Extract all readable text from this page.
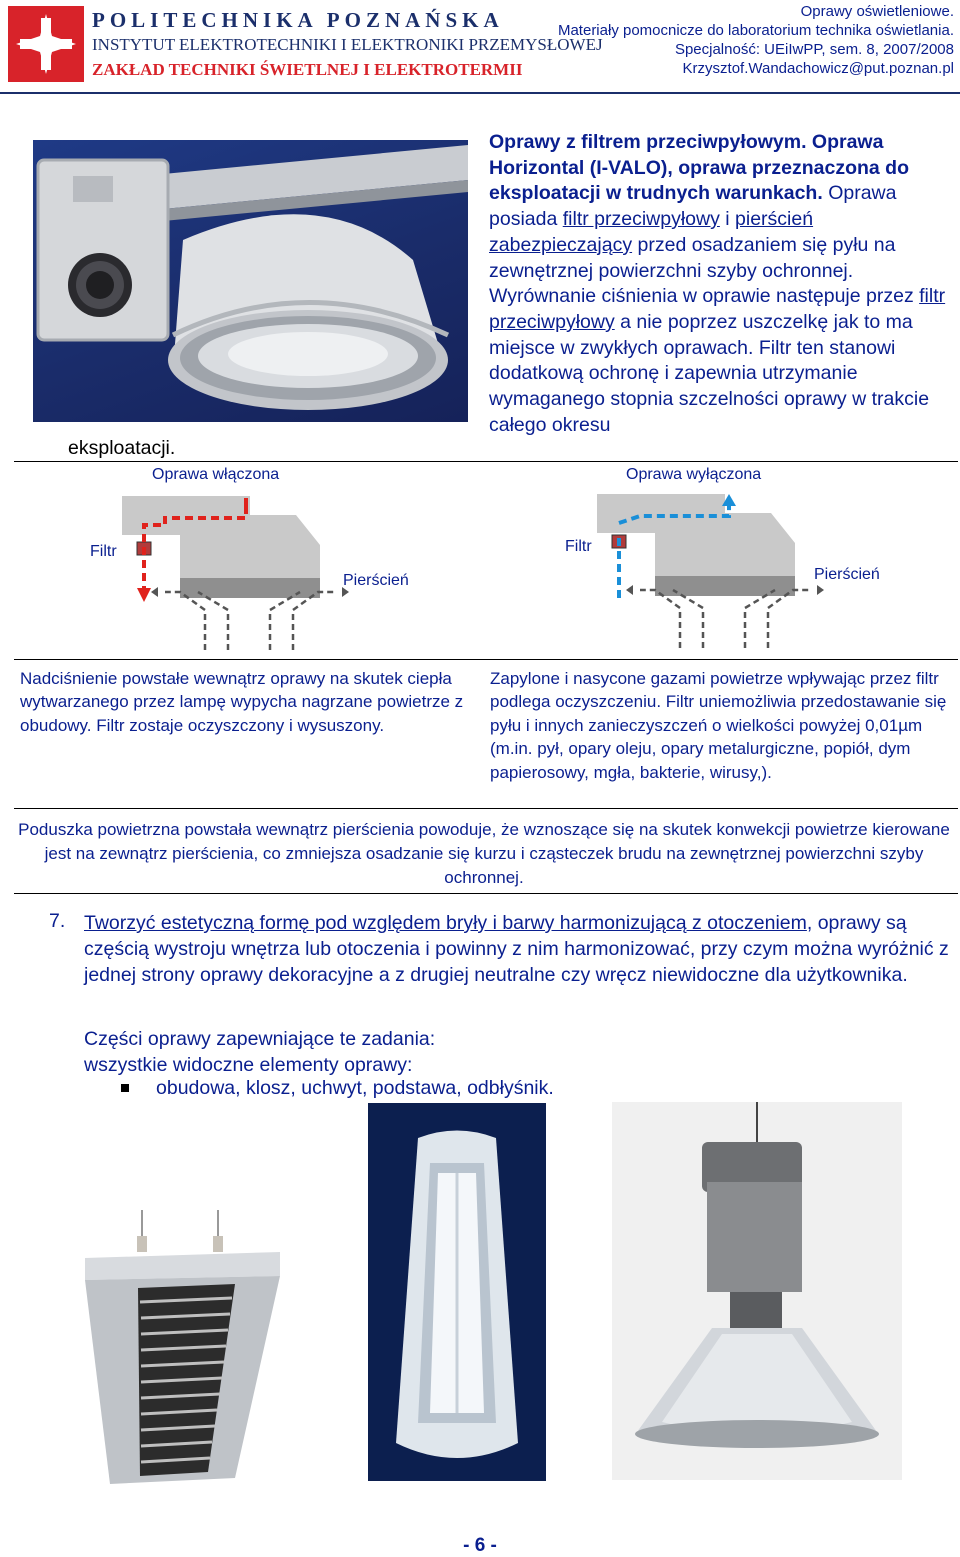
POLITECHNIKA POZNAŃSKA
INSTYTUT ELEKTROTECHNIKI I ELEKTRONIKI PRZEMYSŁOWEJ
ZAKŁAD TECHNIKI ŚWIETLNEJ I ELEKTROTERMII
Oprawy oświetleniowe.
Materiały pomocnicze do laboratorium technika oświetlania.
Specjalność: UEiIwPP, sem. 8, 2007/2008
Krzysztof.Wandachowicz@put.poznan.pl
Oprawy z filtrem przeciwpyłowym. Oprawa Horizontal (I-VALO), oprawa przeznaczona do eksploatacji w trudnych warunkach. Oprawa posiada filtr przeciwpyłowy i pierścień zabezpieczający przed osadzaniem się pyłu na zewnętrznej powierzchni szyby ochronnej. Wyrównanie ciśnienia w oprawie następuje przez filtr przeciwpyłowy a nie poprzez uszczelkę jak to ma miejsce w zwykłych oprawach. Filtr ten stanowi dodatkową ochronę i zapewnia utrzymanie wymaganego stopnia szczelności oprawy w trakcie całego okresu
eksploatacji.
Oprawa włączona	Oprawa wyłączona
Filtr
Pierścień
Filtr
Pierścień
Nadciśnienie powstałe wewnątrz oprawy na skutek ciepła wytwarzanego przez lampę wypycha nagrzane powietrze z obudowy. Filtr zostaje oczyszczony i wysuszony.
Zapylone i nasycone gazami powietrze wpływając przez filtr podlega oczyszczeniu. Filtr uniemożliwia przedostawanie się pyłu i innych zanieczyszczeń o wielkości powyżej 0,01µm (m.in. pył, opary oleju, opary metalurgiczne, popiół, dym papierosowy, mgła, bakterie, wirusy,).
Poduszka powietrzna powstała wewnątrz pierścienia powoduje, że wznoszące się na skutek konwekcji powietrze kierowane jest na zewnątrz pierścienia, co zmniejsza osadzanie się kurzu i cząsteczek brudu na zewnętrznej powierzchni szyby ochronnej.
7. Tworzyć estetyczną formę pod względem bryły i barwy harmonizującą z otoczeniem, oprawy są częścią wystroju wnętrza lub otoczenia i powinny z nim harmonizować, przy czym można wyróżnić z jednej strony oprawy dekoracyjne a z drugiej neutralne czy wręcz niewidoczne dla użytkownika.
Części oprawy zapewniające te zadania:
wszystkie widoczne elementy oprawy:
obudowa, klosz, uchwyt, podstawa, odbłyśnik.
- 6 -
